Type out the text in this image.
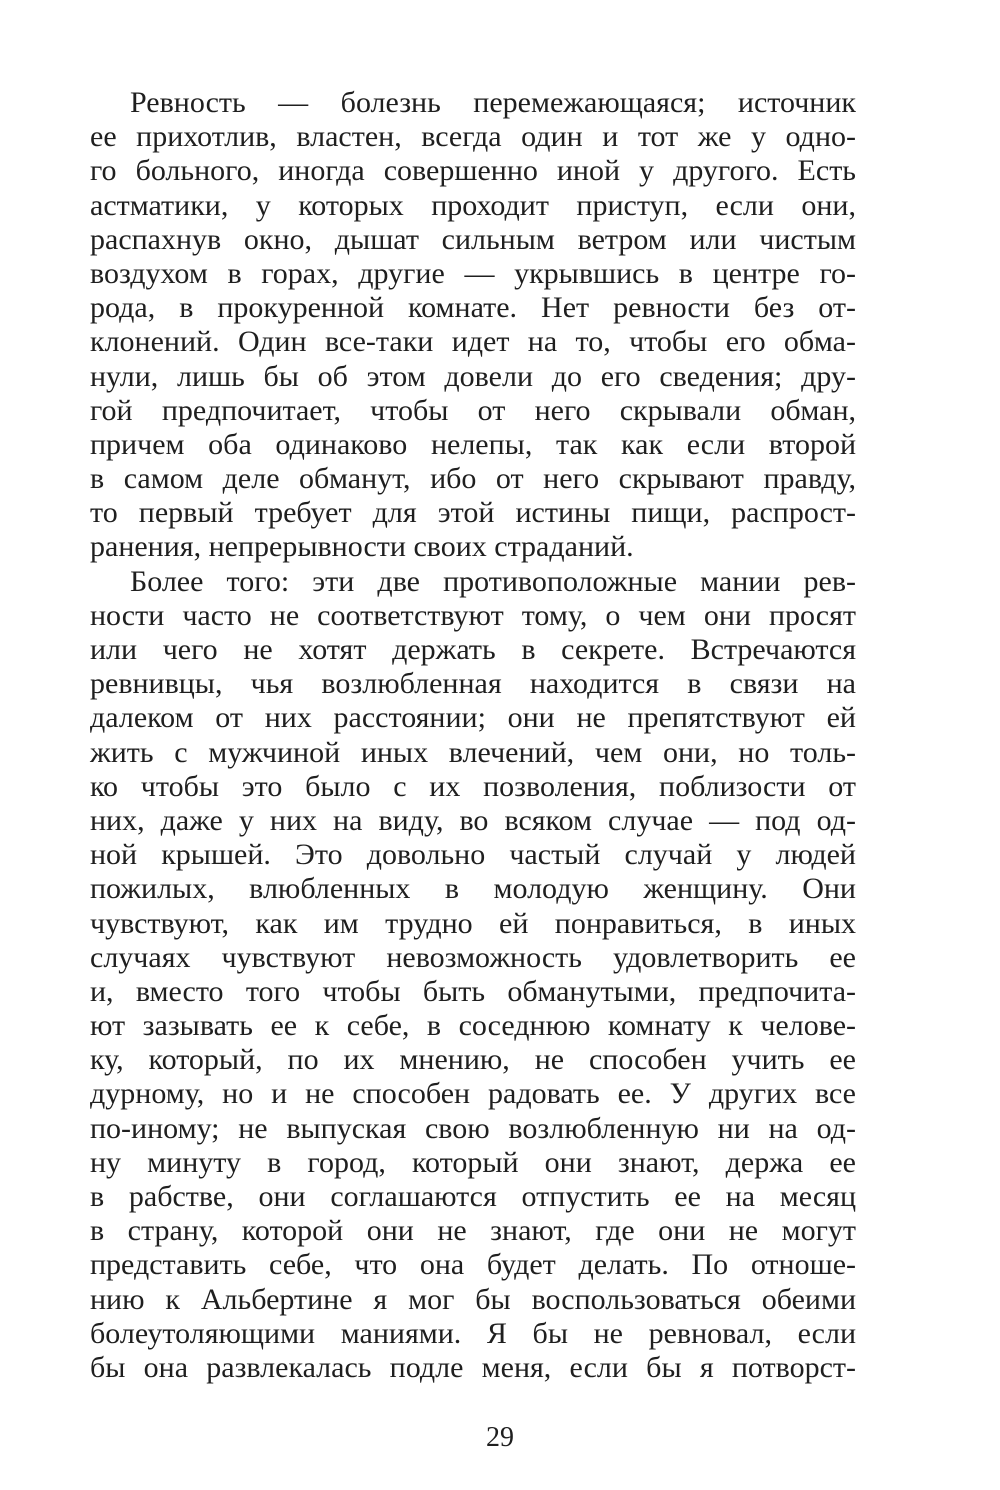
Ревность — болезнь перемежающаяся; источник
ее прихотлив, властен, всегда один и тот же у одно-
го больного, иногда совершенно иной у другого. Есть
астматики, у которых проходит приступ, если они,
распахнув окно, дышат сильным ветром или чистым
воздухом в горах, другие — укрывшись в центре го-
рода, в прокуренной комнате. Нет ревности без от-
клонений. Один все-таки идет на то, чтобы его обма-
нули, лишь бы об этом довели до его сведения; дру-
гой предпочитает, чтобы от него скрывали обман,
причем оба одинаково нелепы, так как если второй
в самом деле обманут, ибо от него скрывают правду,
то первый требует для этой истины пищи, распрост-
ранения, непрерывности своих страданий.
Более того: эти две противоположные мании рев-
ности часто не соответствуют тому, о чем они просят
или чего не хотят держать в секрете. Встречаются
ревнивцы, чья возлюбленная находится в связи на
далеком от них расстоянии; они не препятствуют ей
жить с мужчиной иных влечений, чем они, но толь-
ко чтобы это было с их позволения, поблизости от
них, даже у них на виду, во всяком случае — под од-
ной крышей. Это довольно частый случай у людей
пожилых, влюбленных в молодую женщину. Они
чувствуют, как им трудно ей понравиться, в иных
случаях чувствуют невозможность удовлетворить ее
и, вместо того чтобы быть обманутыми, предпочита-
ют зазывать ее к себе, в соседнюю комнату к челове-
ку, который, по их мнению, не способен учить ее
дурному, но и не способен радовать ее. У других все
по-иному; не выпуская свою возлюбленную ни на од-
ну минуту в город, который они знают, держа ее
в рабстве, они соглашаются отпустить ее на месяц
в страну, которой они не знают, где они не могут
представить себе, что она будет делать. По отноше-
нию к Альбертине я мог бы воспользоваться обеими
болеутоляющими маниями. Я бы не ревновал, если
бы она развлекалась подле меня, если бы я потворст-
29
